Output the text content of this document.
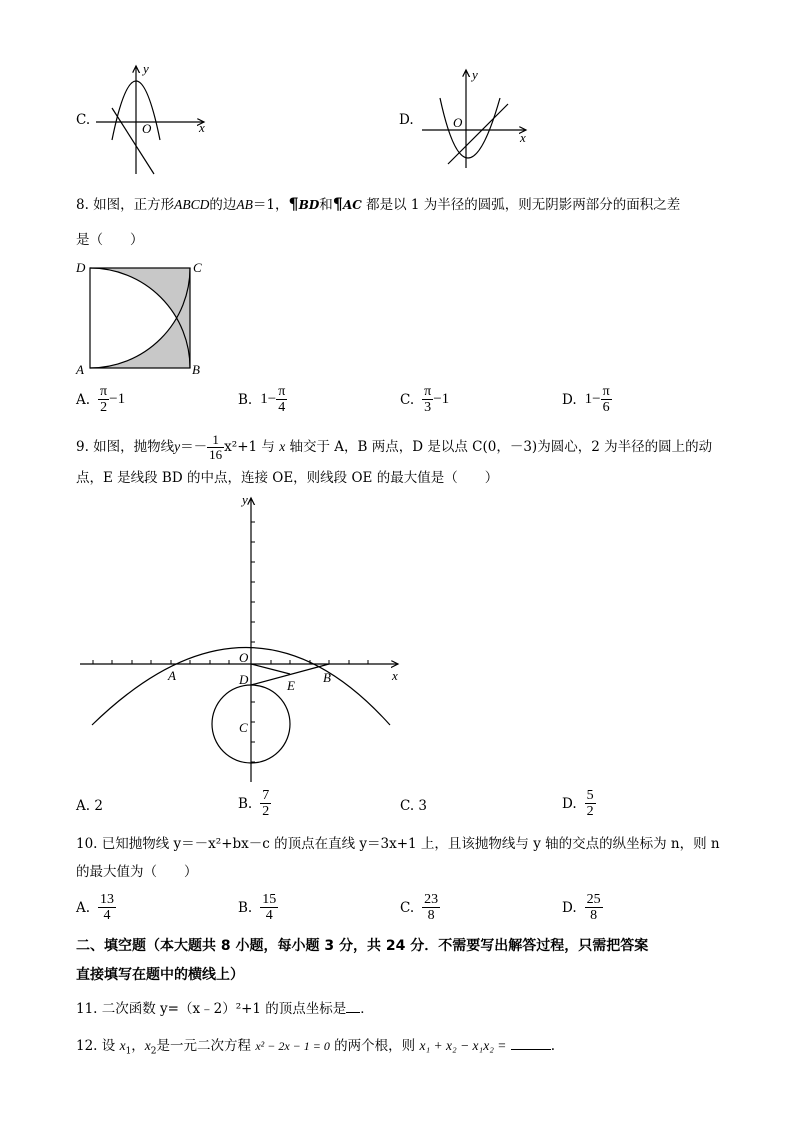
C.
y
O	x	D.
y
O
x
8. 如图，正方形ABCD的边AB＝1，¶BD和¶AC 都是以 1 为半径的圆弧，则无阴影两部分的面积之差
是（　　）
D	C
A	B
A. $\frac{\pi}{2} -1$	B. $1- \frac{\pi}{4}$	C. $\frac{\pi}{3} -1$	D. $1- \frac{\pi}{6}$
9. 如图，抛物线$y=- \frac{1}{16} x^2+1$ 与 x 轴交于 A，B 两点，D 是以点 C(0，－3)为圆心，2 为半径的圆上的动
点，E 是线段 BD 的中点，连接 OE，则线段 OE 的最大值是（　　）
y
x
O
A	B
D	E
C
A. 2	B. $\frac{7}{2}$	C. 3	D. $\frac{5}{2}$
10. 已知抛物线 y＝－x²+bx－c 的顶点在直线 y＝3x+1 上，且该抛物线与 y 轴的交点的纵坐标为 n，则 n
的最大值为（　　）
A. $\frac{13}{4}$	B. $\frac{15}{4}$	C. $\frac{23}{8}$	D. $\frac{25}{8}$
二、填空题（本大题共 8 小题，每小题 3 分，共 24 分．不需要写出解答过程，只需把答案
直接填写在题中的横线上）
11. 二次函数 y=（x﹣2）²+1 的顶点坐标是 ．
12. 设 $x_1$，$x_2$是一元二次方程 x² − 2x − 1 = 0 的两个根，则 x₁ + x₂ − x₁x₂ =	.
